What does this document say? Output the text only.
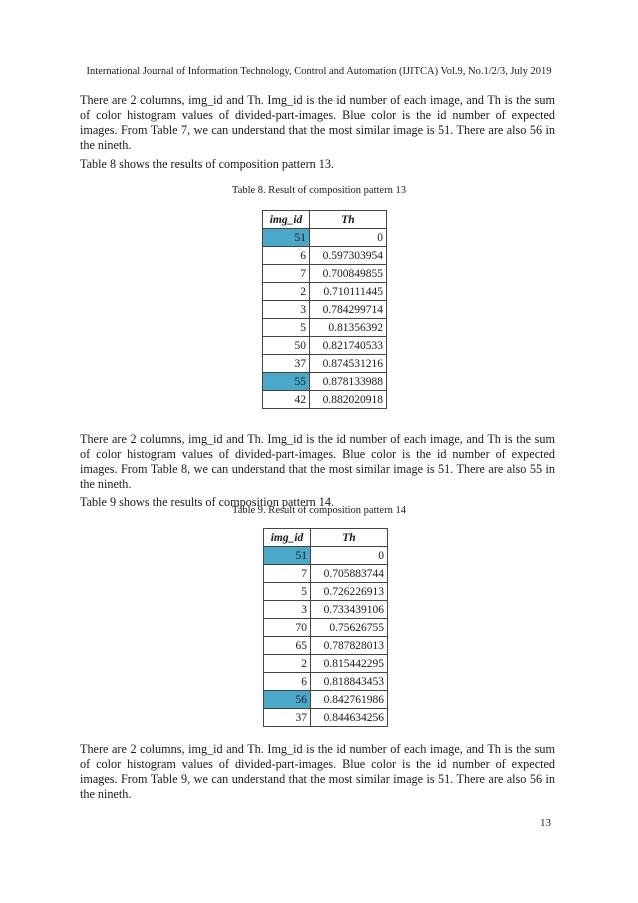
International Journal of Information Technology, Control and Automation (IJITCA) Vol.9, No.1/2/3, July 2019

There are 2 columns, img_id and Th. Img_id is the id number of each image, and Th is the sum of color histogram values of divided-part-images. Blue color is the id number of expected images. From Table 7, we can understand that the most similar image is 51. There are also 56 in the nineth.

Table 8 shows the results of composition pattern 13.

Table 8. Result of composition pattern 13
img_id	Th
51	0
6	0.597303954
7	0.700849855
2	0.710111445
3	0.784299714
5	0.81356392
50	0.821740533
37	0.874531216
55	0.878133988
42	0.882020918

There are 2 columns, img_id and Th. Img_id is the id number of each image, and Th is the sum of color histogram values of divided-part-images. Blue color is the id number of expected images. From Table 8, we can understand that the most similar image is 51. There are also 55 in the nineth.

Table 9 shows the results of composition pattern 14.

Table 9. Result of composition pattern 14
img_id	Th
51	0
7	0.705883744
5	0.726226913
3	0.733439106
70	0.75626755
65	0.787828013
2	0.815442295
6	0.818843453
56	0.842761986
37	0.844634256

There are 2 columns, img_id and Th. Img_id is the id number of each image, and Th is the sum of color histogram values of divided-part-images. Blue color is the id number of expected images. From Table 9, we can understand that the most similar image is 51. There are also 56 in the nineth.

13
